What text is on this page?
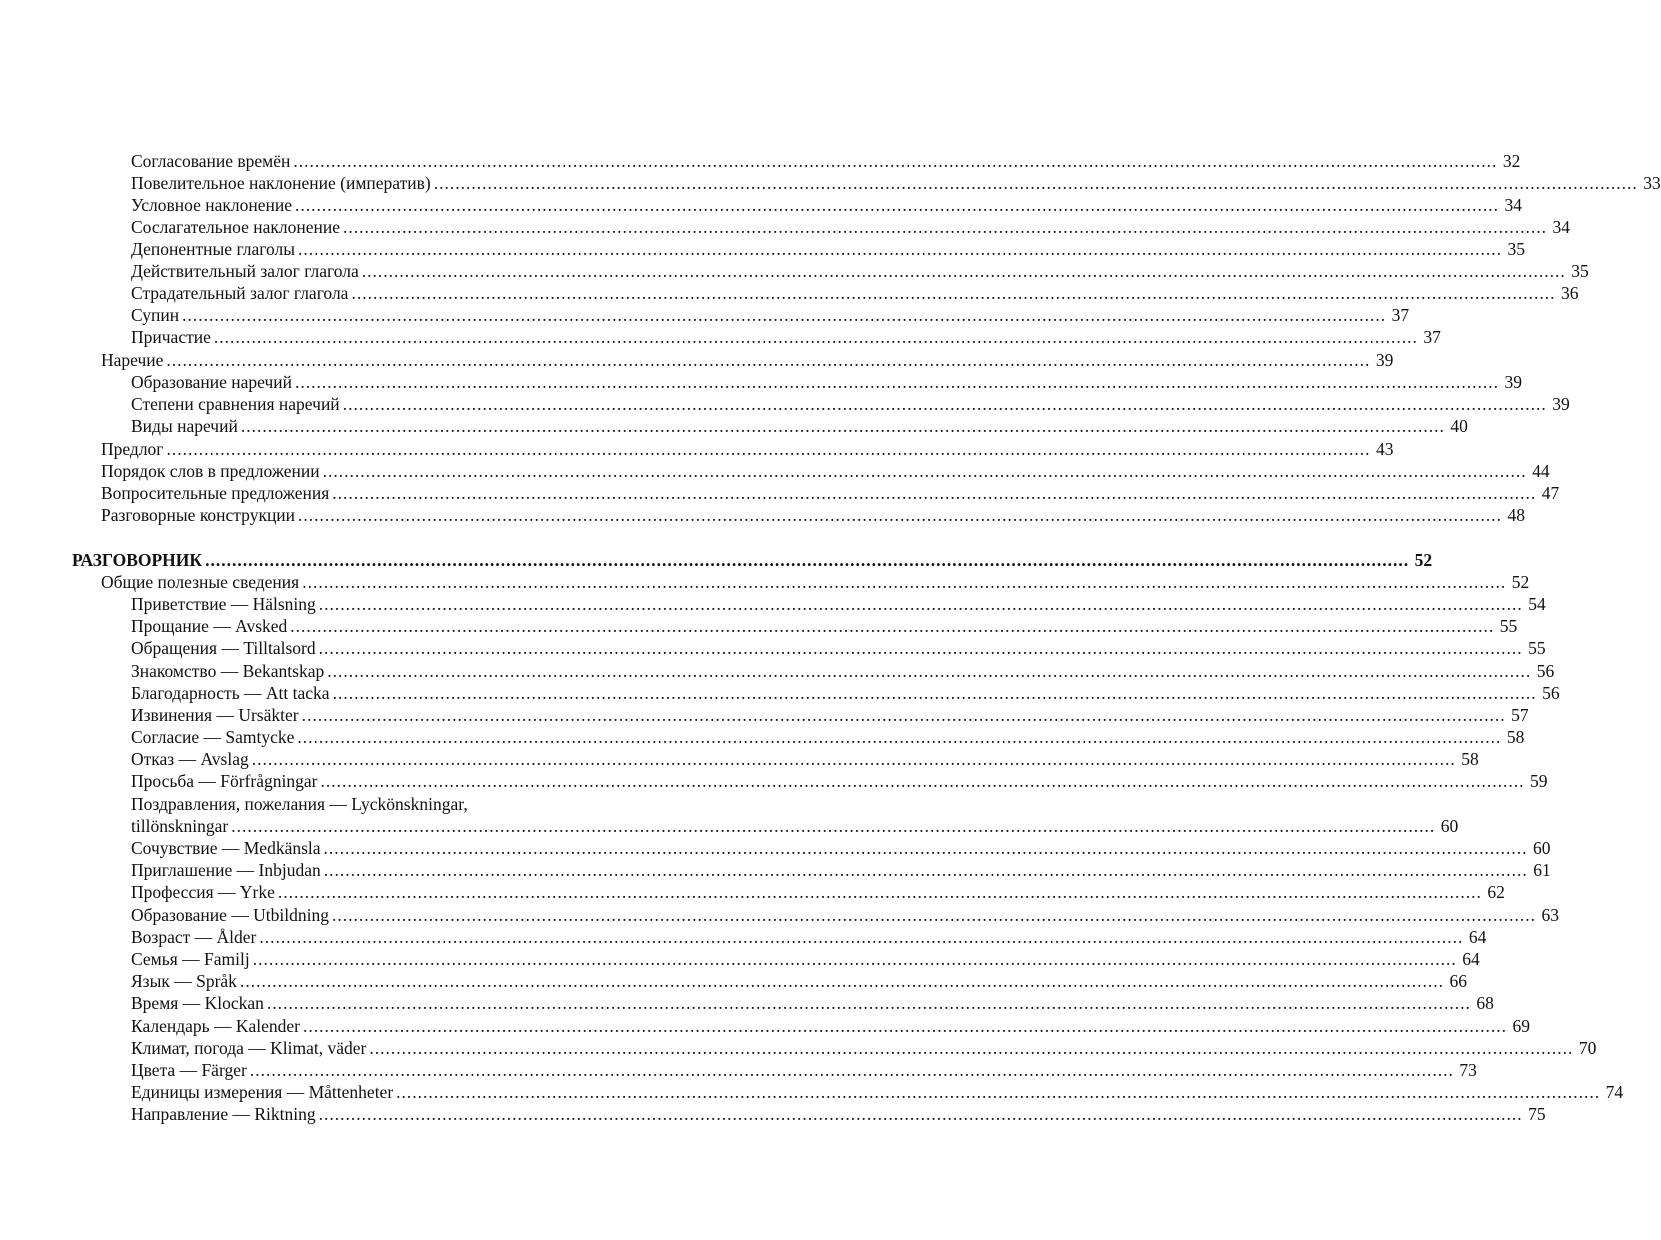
Согласование времён .....	32
Повелительное наклонение (императив) .....	33
Условное наклонение .....	34
Сослагательное наклонение .....	34
Депонентные глаголы .....	35
Действительный залог глагола .....	35
Страдательный залог глагола .....	36
Супин .....	37
Причастие .....	37
Наречие .....	39
Образование наречий .....	39
Степени сравнения наречий .....	39
Виды наречий .....	40
Предлог .....	43
Порядок слов в предложении .....	44
Вопросительные предложения .....	47
Разговорные конструкции .....	48
РАЗГОВОРНИК .....	52
Общие полезные сведения .....	52
Приветствие — Hälsning .....	54
Прощание — Avsked .....	55
Обращения — Tilltalsord .....	55
Знакомство — Bekantskap .....	56
Благодарность — Att tacka .....	56
Извинения — Ursäkter .....	57
Согласие — Samtycke .....	58
Отказ — Avslag .....	58
Просьба — Förfrågningar .....	59
Поздравления, пожелания — Lyckönskningar,
tillönskningar .....	60
Сочувствие — Medkänsla .....	60
Приглашение — Inbjudan .....	61
Профессия — Yrke .....	62
Образование — Utbildning .....	63
Возраст — Ålder .....	64
Семья — Familj .....	64
Язык — Språk .....	66
Время — Klockan .....	68
Календарь — Kalender .....	69
Климат, погода — Klimat, väder .....	70
Цвета — Färger .....	73
Единицы измерения — Måttenheter .....	74
Направление — Riktning .....	75
